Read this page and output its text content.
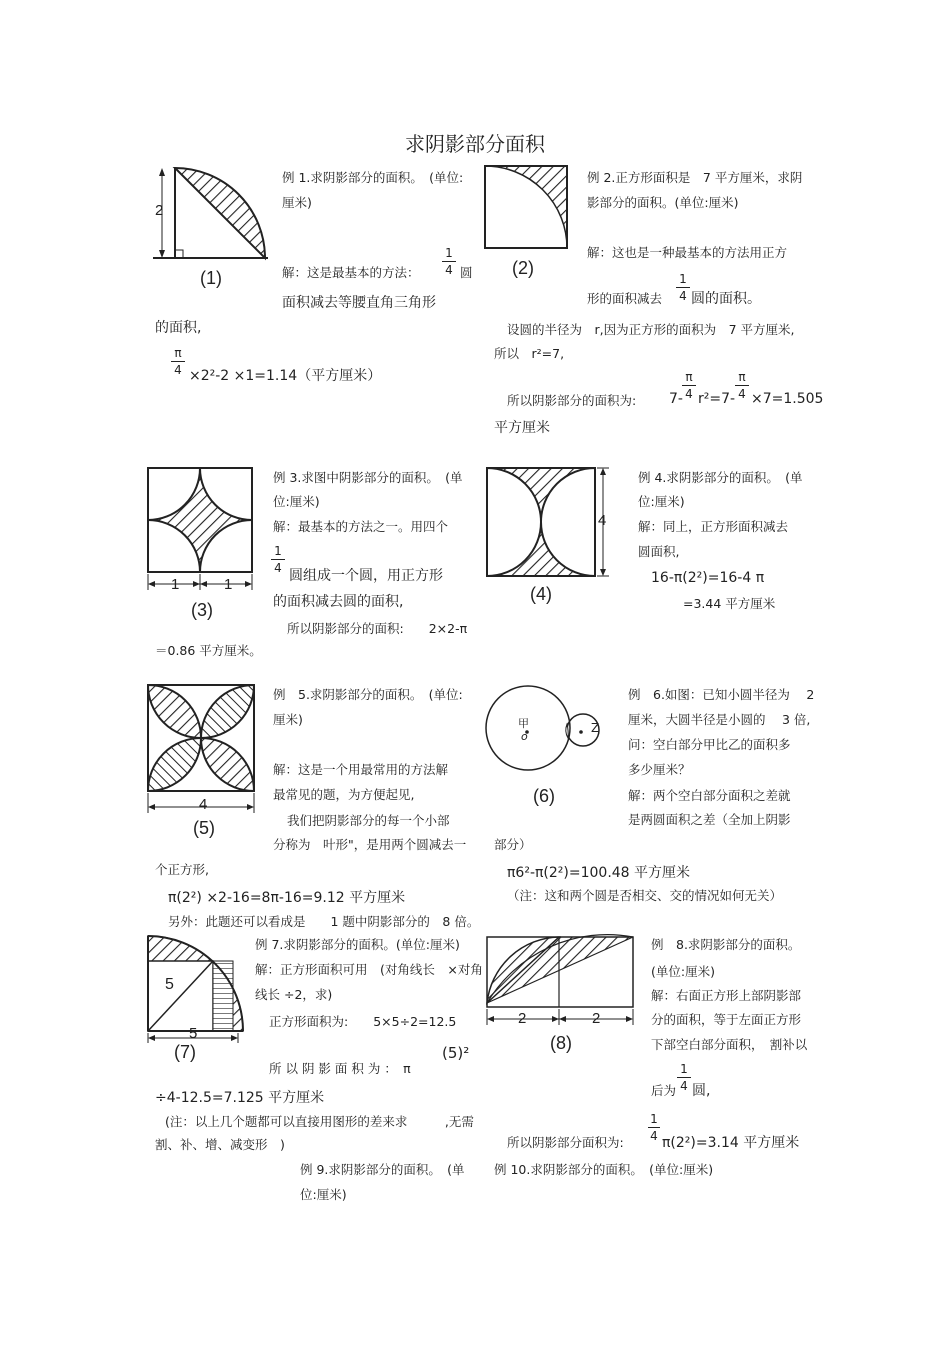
求阴影部分面积
2
(1)
例 1.求阴影部分的面积。　(单位:
厘米)
解：这是最基本的方法：
1
4 圆
面积减去等腰直角三角形
的面积,
π
4 ×2²-2 ×1=1.14（平方厘米）
(2)
例 2.正方形面积是　7 平方厘米，求阴
影部分的面积。(单位:厘米)
解：这也是一种最基本的方法用正方
形的面积减去
1
4 圆的面积。
设圆的半径为　r,因为正方形的面积为　7 平方厘米,
所以　r²=7,
所以阴影部分的面积为: 7-
π
4 r²=7-
π
4 ×7=1.505
平方厘米
1	1
(3)
例 3.求图中阴影部分的面积。　(单
位:厘米)
解：最基本的方法之一。用四个
1
4 圆组成一个圆，用正方形
的面积减去圆的面积,
所以阴影部分的面积:　　2×2-π
＝0.86 平方厘米。
4
(4)
例 4.求阴影部分的面积。　(单
位:厘米)
解：同上，正方形面积减去
圆面积,
16-π(2²)=16-4 π
=3.44 平方厘米
4
(5)
例　5.求阴影部分的面积。　(单位:
厘米)
解：这是一个用最常用的方法解
最常见的题，为方便起见,
我们把阴影部分的每一个小部
分称为　叶形"，是用两个圆减去一 部分）
个正方形,
π(2²) ×2-16=8π-16=9.12 平方厘米
另外：此题还可以看成是　　1 题中阴影部分的　8 倍。
甲
o
Z
(6)
例　6.如图：已知小圆半径为　 2
厘米，大圆半径是小圆的　 3 倍,
问：空白部分甲比乙的面积多
多少厘米？
解：两个空白部分面积之差就
是两圆面积之差（全加上阴影
π6²-π(2²)=100.48 平方厘米
（注：这和两个圆是否相交、交的情况如何无关）
5
5
(7)
例 7.求阴影部分的面积。(单位:厘米)
解：正方形面积可用　(对角线长　×对角
线长 ÷2，求)
正方形面积为:　　5×5÷2=12.5
所 以 阴 影 面 积 为 ：　π
(5)²
÷4-12.5=7.125 平方厘米
(注：以上几个题都可以直接用图形的差来求　　　,无需
割、补、增、减变形　)
2	2
(8)
例　8.求阴影部分的面积。
(单位:厘米)
解：右面正方形上部阴影部
分的面积，等于左面正方形
下部空白部分面积，　割补以
后为
1
4 圆,
所以阴影部分面积为:
1
4 π(2²)=3.14 平方厘米
例 9.求阴影部分的面积。　(单
位:厘米)
例 10.求阴影部分的面积。　(单位:厘米)
